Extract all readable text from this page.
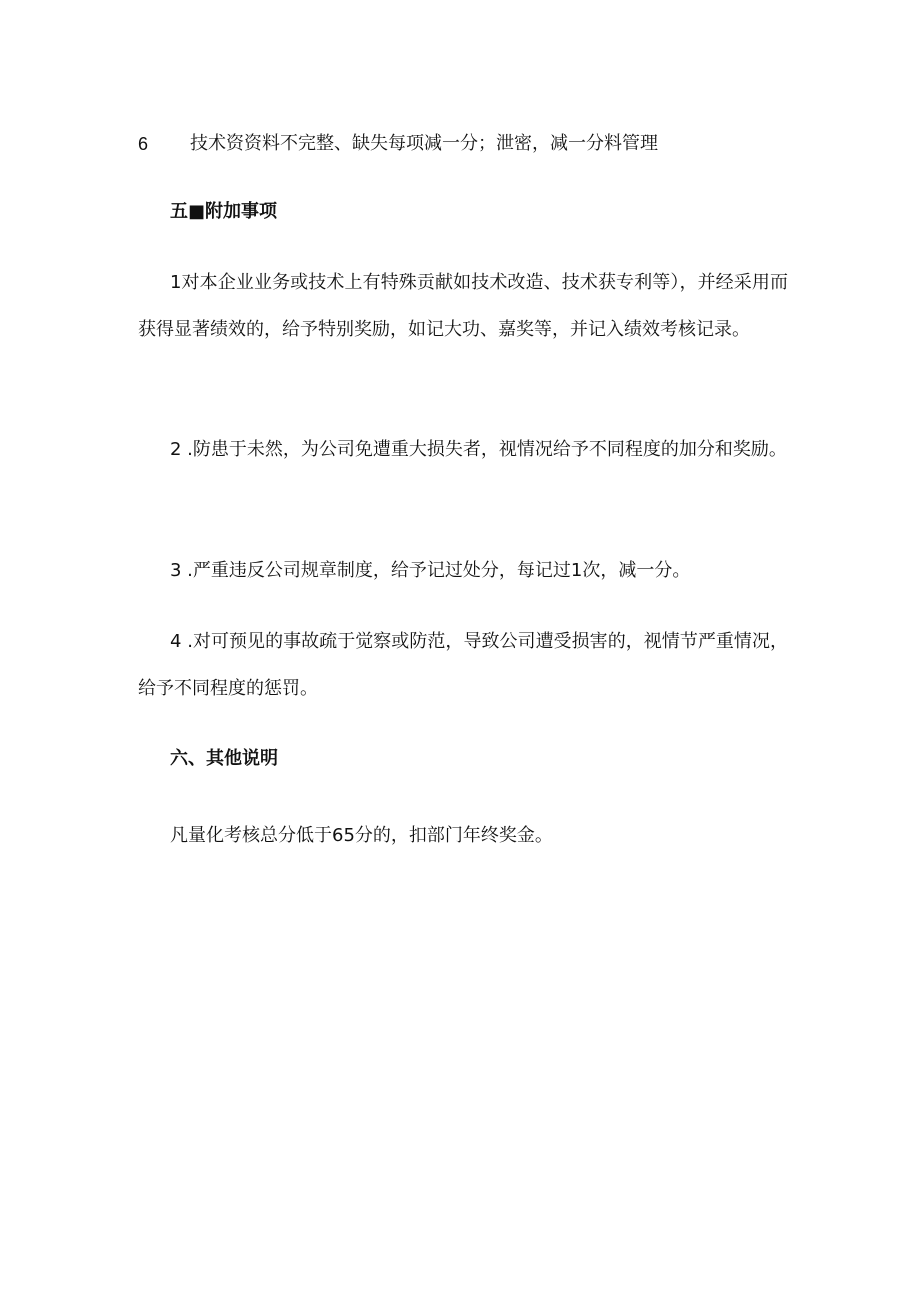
6 技术资资料不完整、缺失每项减一分；泄密，减一分料管理
五■附加事项
1对本企业业务或技术上有特殊贡献如技术改造、技术获专利等），并经采用而获得显著绩效的，给予特别奖励，如记大功、嘉奖等，并记入绩效考核记录。
2 .防患于未然，为公司免遭重大损失者，视情况给予不同程度的加分和奖励。
3 .严重违反公司规章制度，给予记过处分，每记过1次，减一分。
4 .对可预见的事故疏于觉察或防范，导致公司遭受损害的，视情节严重情况，给予不同程度的惩罚。
六、其他说明
凡量化考核总分低于65分的，扣部门年终奖金。
